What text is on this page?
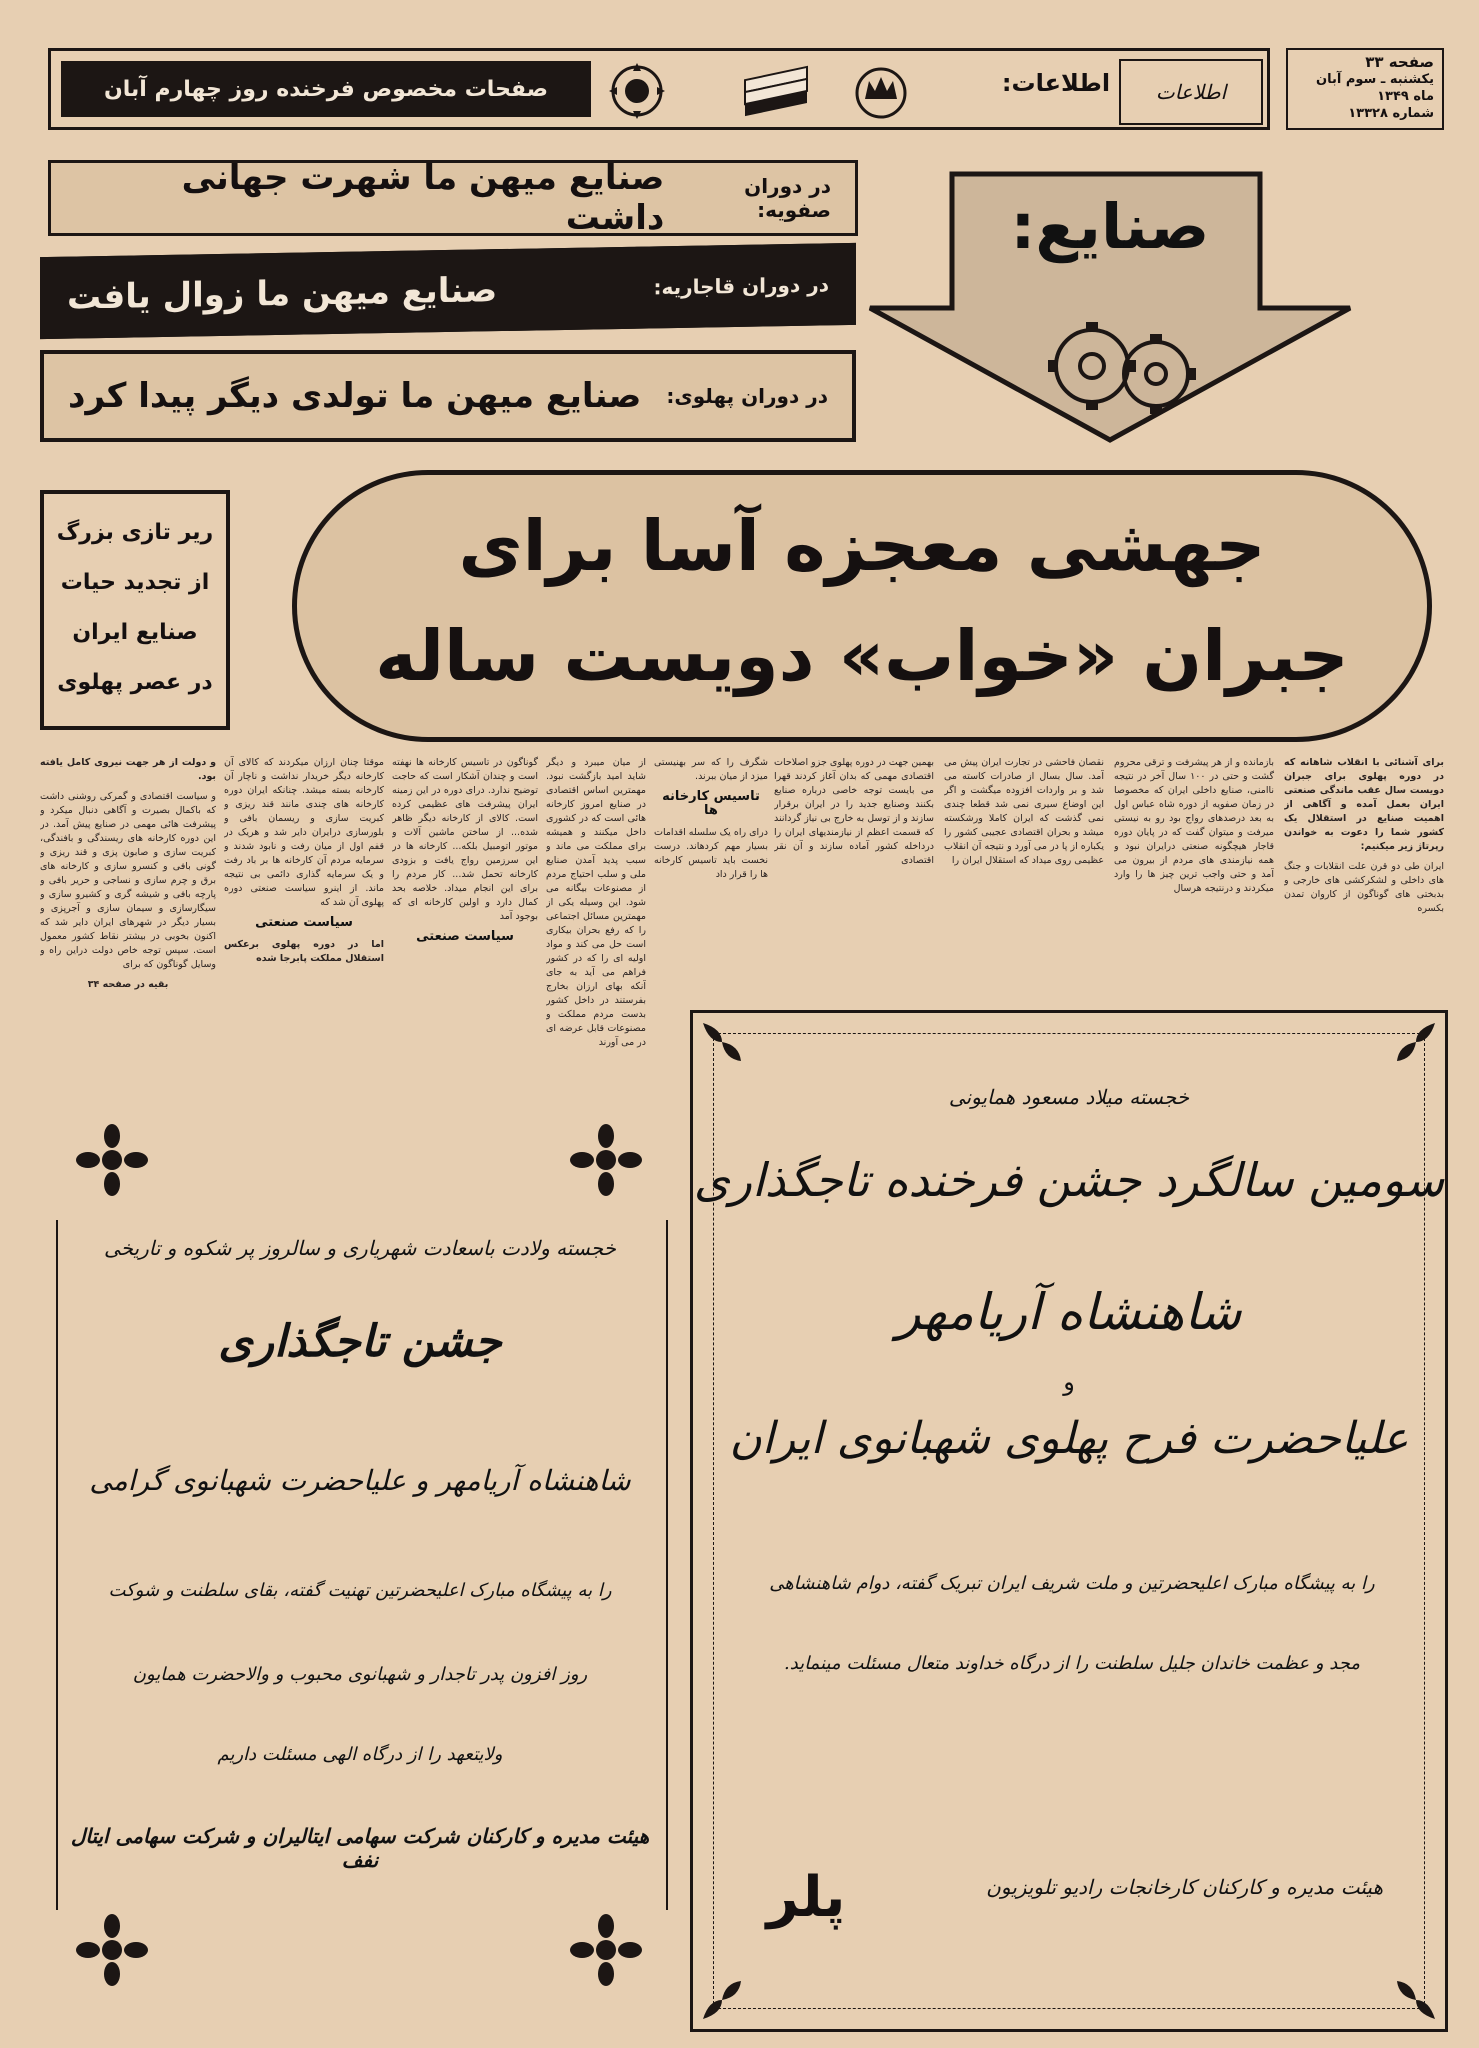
صفحات مخصوص فرخنده روز چهارم آبان	اطلاعات: اطلاعات
صفحه ۳۳
یکشنبه ـ سوم آبان ماه ۱۳۴۹
شماره ۱۳۳۲۸
در دوران صفویه:
صنایع میهن ما شهرت جهانی داشت
در دوران قاجاریه:
صنایع میهن ما زوال یافت
در دوران پهلوی:
صنایع میهن ما تولدی دیگر پیدا کرد
صنایع:
ریر تازی بزرگ
از تجدید حیات
صنایع ایران
در عصر پهلوی
جهشی معجزه آسا برای
جبران «خواب» دویست ساله

برای آشنائی با انقلاب شاهانه که در دوره پهلوی برای جبران دویست سال عقب ماندگی صنعتی ایران بعمل آمده و آگاهی از اهمیت صنایع در استقلال یک کشور شما را دعوت به خواندن رپرتاژ زیر میکنیم:

ایران طی دو قرن علت انقلابات و جنگ های داخلی و لشکرکشی های خارجی و بدبختی های گوناگون از کاروان تمدن بکسره

بازمانده و از هر پیشرفت و ترقی محروم گشت و حتی در ۱۰۰ سال آخر در نتیجه ناامنی، صنایع داخلی ایران که مخصوصا در زمان صفویه از دوره شاه عباس اول به بعد درصدهای رواج بود رو به نیستی میرفت و میتوان گفت که در پایان دوره قاجار هیچگونه صنعتی درایران نبود و همه نیازمندی های مردم از بیرون می آمد و حتی واجب ترین چیز ها را وارد میکردند و درنتیجه هرسال

نقصان فاحشی در تجارت ایران پیش می آمد. سال بسال از صادرات کاسته می شد و بر واردات افزوده میگشت و اگر این اوضاع سیری نمی شد قطعا چندی نمی گذشت که ایران کاملا ورشکسته میشد و بحران اقتصادی عجیبی کشور را یکباره از پا در می آورد و نتیجه آن انقلاب عظیمی روی میداد که استقلال ایران را

بهمین جهت در دوره پهلوی جزو اصلاحات اقتصادی مهمی که بدان آغاز کردند قهرا می بایست توجه خاصی درباره صنایع بکنند وصنایع جدید را در ایران برقرار سازند و از توسل به خارج بی نیاز گردانند که قسمت اعظم از نیازمندیهای ایران را درداخله کشور آماده سازند و آن نقر اقتصادی

شگرف را که سر بهنیستی میزد از میان ببرند.

تاسیس کارخانه ها

درای راه یک سلسله اقدامات بسیار مهم کردهاند. درست نخست باید تاسیس کارخانه ها را قرار داد

از میان میبرد و دیگر شاید امید بازگشت نبود. مهمترین اساس اقتصادی در صنایع امروز کارخانه هائی است که در کشوری داخل میکنند و همیشه برای مملکت می ماند و سبب پدید آمدن صنایع ملی و سلب احتیاج مردم از مصنوعات بیگانه می شود. این وسیله یکی از مهمترین مسائل اجتماعی را که رفع بحران بیکاری است حل می کند و مواد اولیه ای را که در کشور فراهم می آید به جای آنکه بهای ارزان بخارج بفرستند در داخل کشور بدست مردم مملکت و مصنوعات قابل عرضه ای در می آورند

گوناگون در تاسیس کارخانه ها نهفته است و چندان آشکار است که حاجت توضیح ندارد. درای دوره در این زمینه ایران پیشرفت های عظیمی کرده است. کالای از کارخانه دیگر ظاهر شده... از ساختن ماشین آلات و موتور اتومبیل بلکه... کارخانه ها در این سرزمین رواج یافت و بزودی کارخانه تحمل شد... کار مردم را برای این انجام میداد. خلاصه بحد کمال دارد و اولین کارخانه ای که بوجود آمد

سیاست صنعتی

موقتا چنان ارزان میکردند که کالای آن کارخانه دیگر خریدار نداشت و ناچار آن کارخانه بسته میشد. چنانکه ایران دوره کارخانه های چندی مانند قند ریزی و کبریت سازی و ریسمان بافی و بلورسازی درایران دایر شد و هریک در قفم اول از میان رفت و نابود شدند و سرمایه مردم آن کارخانه ها بر باد رفت و یک سرمایه گذاری دائمی بی نتیجه ماند. از اینرو سیاست صنعتی دوره پهلوی آن شد که

سیاست صنعتی

اما در دوره پهلوی برعکس استقلال مملکت پابرجا شده

و دولت از هر جهت نیروی کامل یافته بود.

و سیاست اقتصادی و گمرکی روشنی داشت که باکمال بصیرت و آگاهی دنبال میکرد و پیشرفت هائی مهمی در صنایع پیش آمد. در این دوره کارخانه های ریسندگی و بافندگی، کبریت سازی و صابون پزی و قند ریزی و گونی بافی و کنسرو سازی و کارخانه های برق و چرم سازی و نساجی و حریر بافی و پارچه بافی و شیشه گری و کشیرو سازی و سیگارسازی و سیمان سازی و آجرپزی و بسیار دیگر در شهرهای ایران دایر شد که اکنون بخوبی در بیشتر نقاط کشور معمول است. سپس توجه خاص دولت دراین راه و وسایل گوناگون که برای

بقیه در صفحه ۳۴
خجسته میلاد مسعود همایونی
سومین سالگرد جشن فرخنده تاجگذاری
شاهنشاه آریامهر
و
علیاحضرت فرح پهلوی شهبانوی ایران
را به پیشگاه مبارک اعلیحضرتین و ملت شریف ایران تبریک گفته، دوام شاهنشاهی
مجد و عظمت خاندان جلیل سلطنت را از درگاه خداوند متعال مسئلت مینماید.
هیئت مدیره و کارکنان کارخانجات رادیو تلویزیون
پلر
خجسته ولادت باسعادت شهریاری و سالروز پر شکوه و تاریخی
جشن تاجگذاری
شاهنشاه آریامهر و علیاحضرت شهبانوی گرامی
را به پیشگاه مبارک اعلیحضرتین تهنیت گفته، بقای سلطنت و شوکت
روز افزون پدر تاجدار و شهبانوی محبوب و والاحضرت همایون
ولایتعهد را از درگاه الهی مسئلت داریم
هیئت مدیره و کارکنان شرکت سهامی ایتالیران و شرکت سهامی ایتال نفف
